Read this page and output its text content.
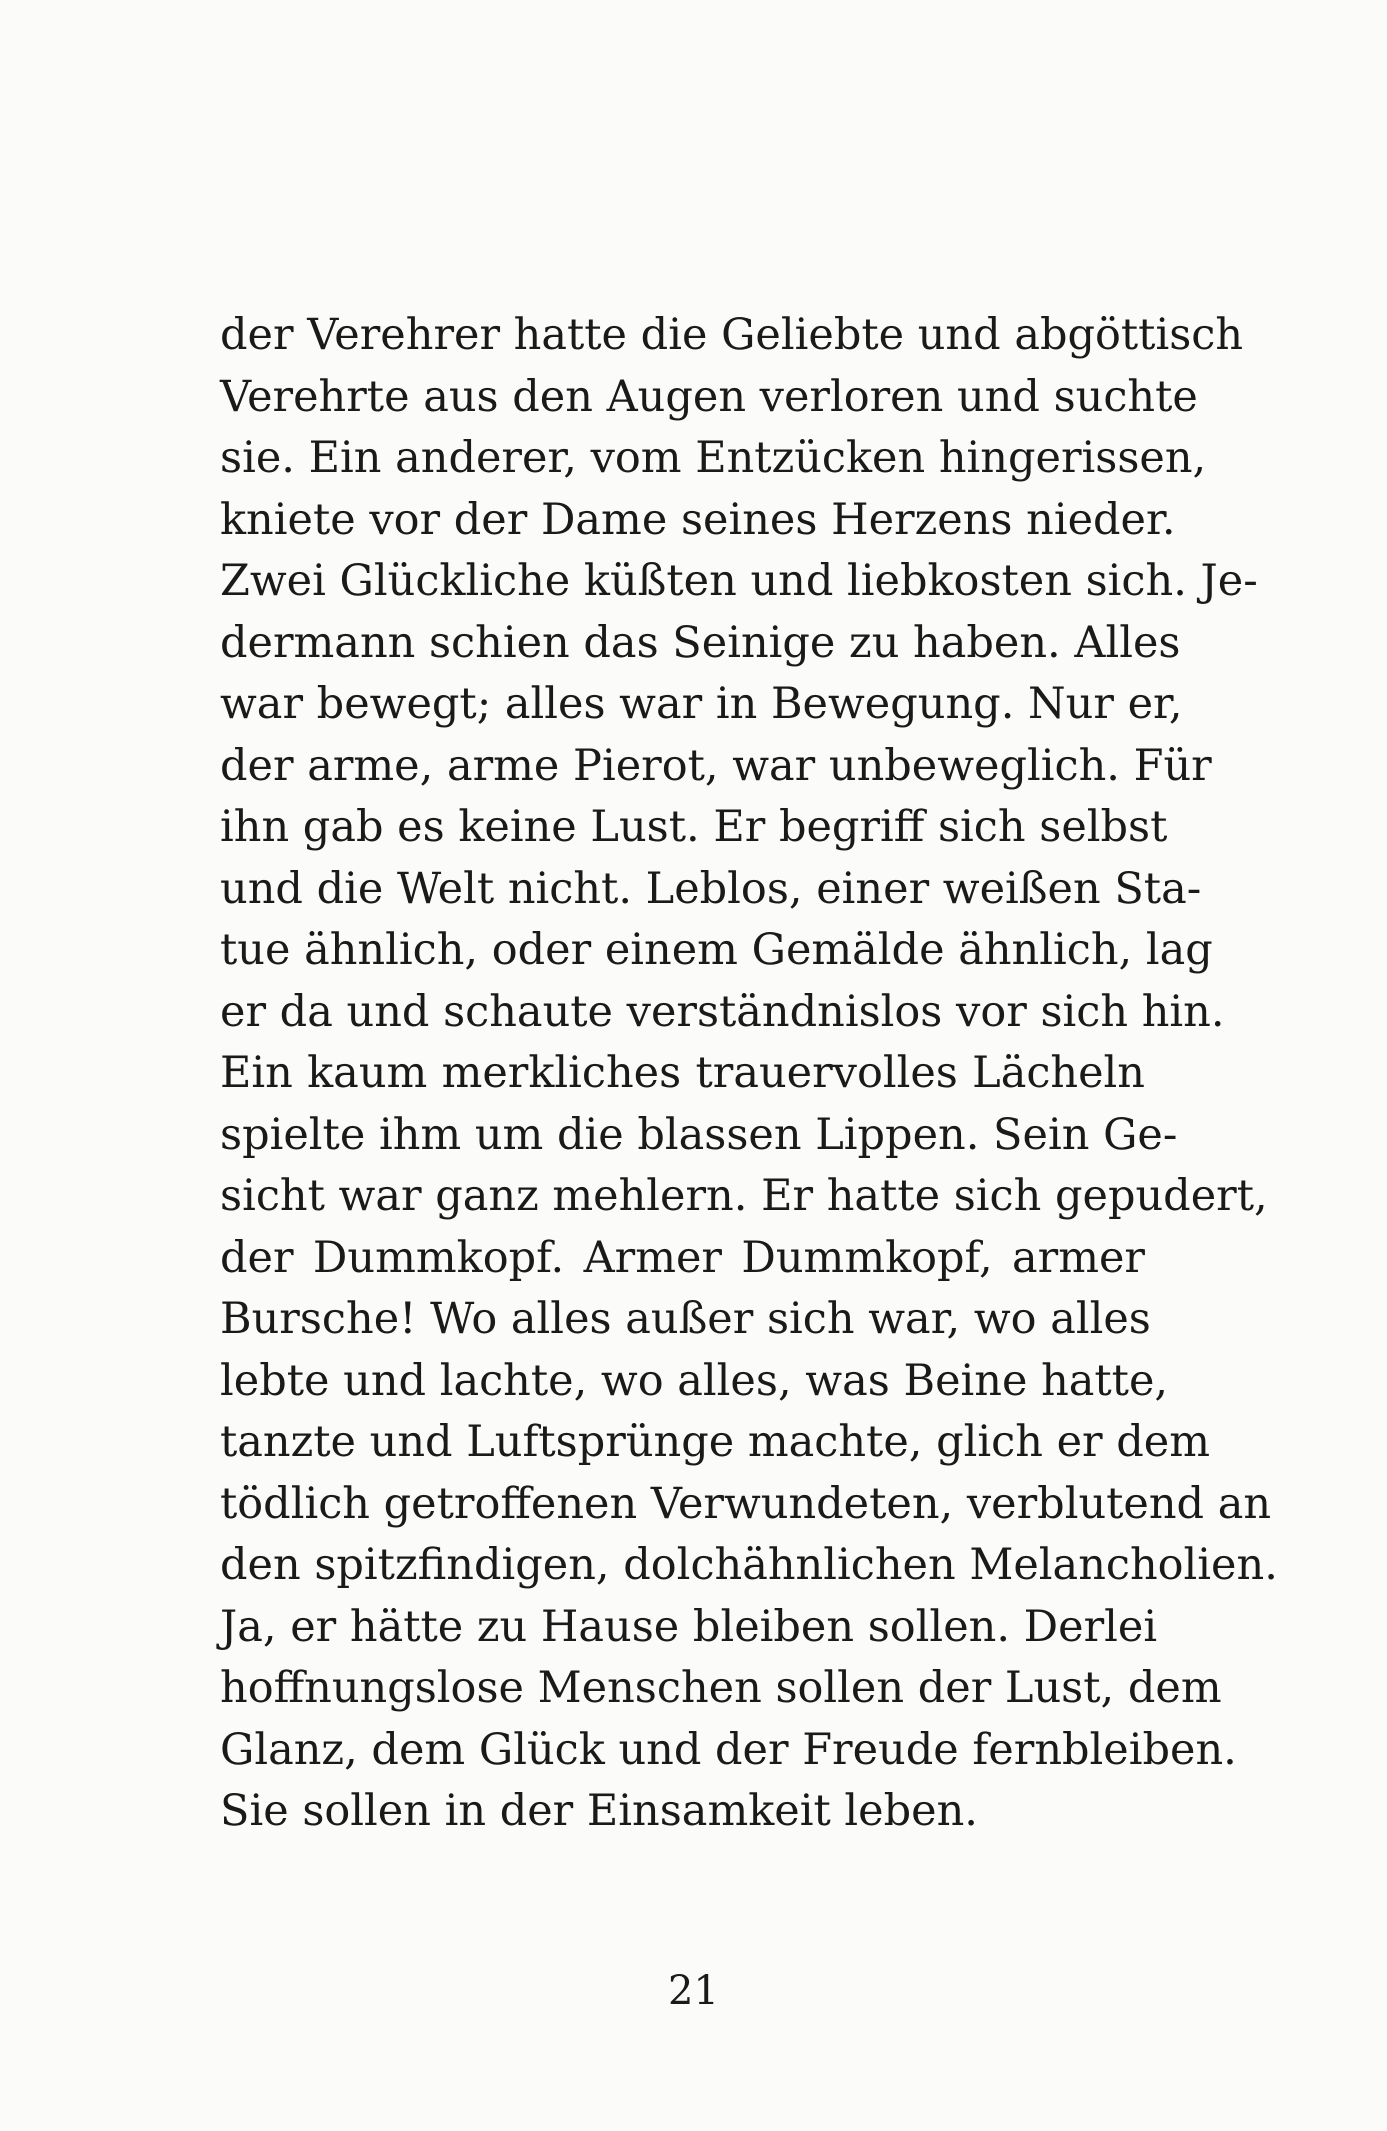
der Verehrer hatte die Geliebte und abgöttisch
Verehrte aus den Augen verloren und suchte
sie. Ein anderer, vom Entzücken hingerissen,
kniete vor der Dame seines Herzens nieder.
Zwei Glückliche küßten und liebkosten sich. Je-
dermann schien das Seinige zu haben. Alles
war bewegt; alles war in Bewegung. Nur er,
der arme, arme Pierot, war unbeweglich. Für
ihn gab es keine Lust. Er begriff sich selbst
und die Welt nicht. Leblos, einer weißen Sta-
tue ähnlich, oder einem Gemälde ähnlich, lag
er da und schaute verständnislos vor sich hin.
Ein kaum merkliches trauervolles Lächeln
spielte ihm um die blassen Lippen. Sein Ge-
sicht war ganz mehlern. Er hatte sich gepudert,
der Dummkopf. Armer Dummkopf, armer
Bursche! Wo alles außer sich war, wo alles
lebte und lachte, wo alles, was Beine hatte,
tanzte und Luftsprünge machte, glich er dem
tödlich getroffenen Verwundeten, verblutend an
den spitzfindigen, dolchähnlichen Melancholien.
Ja, er hätte zu Hause bleiben sollen. Derlei
hoffnungslose Menschen sollen der Lust, dem
Glanz, dem Glück und der Freude fernbleiben.
Sie sollen in der Einsamkeit leben.
21
